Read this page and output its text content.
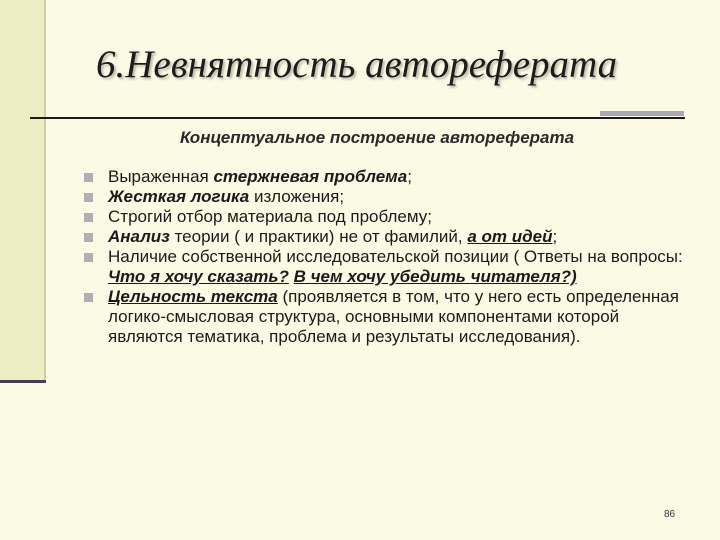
6.Невнятность автореферата
Концептуальное построение автореферата
Выраженная стержневая проблема;
Жесткая логика изложения;
Строгий отбор материала под проблему;
Анализ теории ( и практики) не от фамилий, а от идей;
Наличие собственной исследовательской позиции ( Ответы на вопросы: Что я хочу сказать? В чем хочу убедить читателя?)
Цельность текста (проявляется в том, что у него есть определенная логико-смысловая структура, основными компонентами которой являются тематика, проблема и результаты исследования).
86
